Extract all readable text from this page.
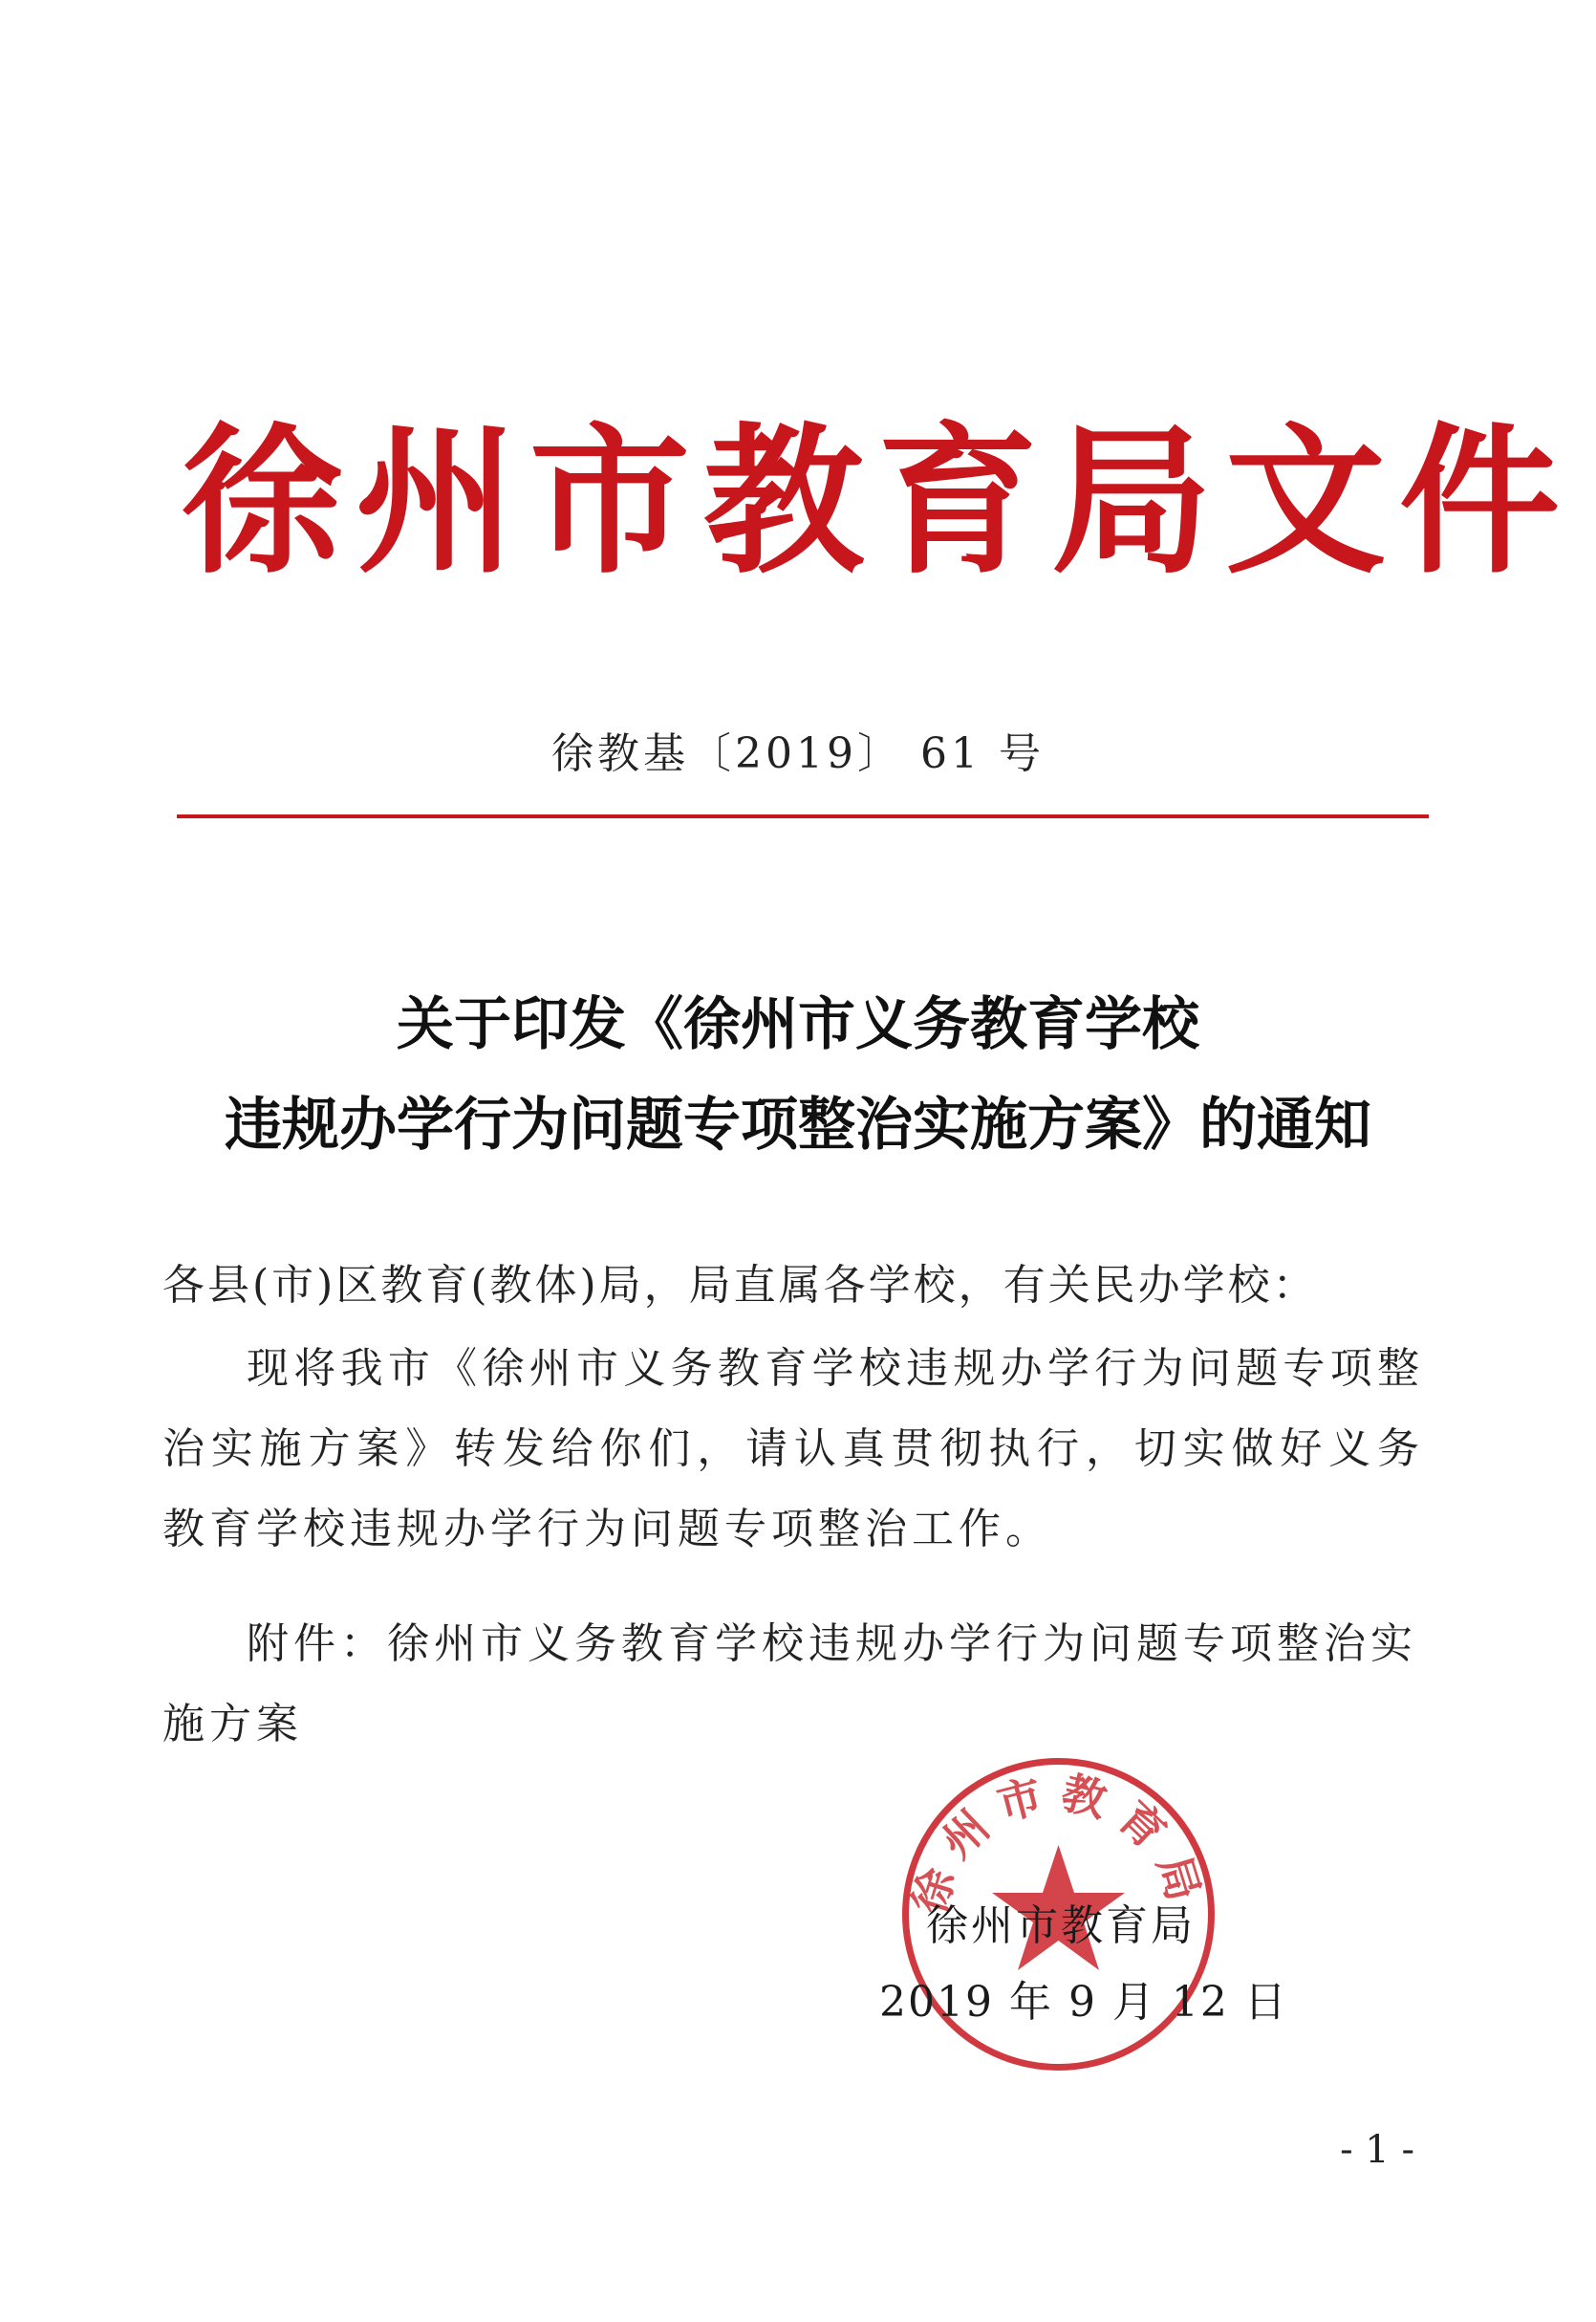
徐州市教育局文件
徐教基〔2019〕 61 号
关于印发《徐州市义务教育学校
违规办学行为问题专项整治实施方案》的通知
各县(市)区教育(教体)局，局直属各学校，有关民办学校：
现将我市《徐州市义务教育学校违规办学行为问题专项整治实施方案》转发给你们，请认真贯彻执行，切实做好义务教育学校违规办学行为问题专项整治工作。
附件：徐州市义务教育学校违规办学行为问题专项整治实施方案
徐州市教育局
徐州市教育局
2019 年 9 月 12 日
- 1 -
